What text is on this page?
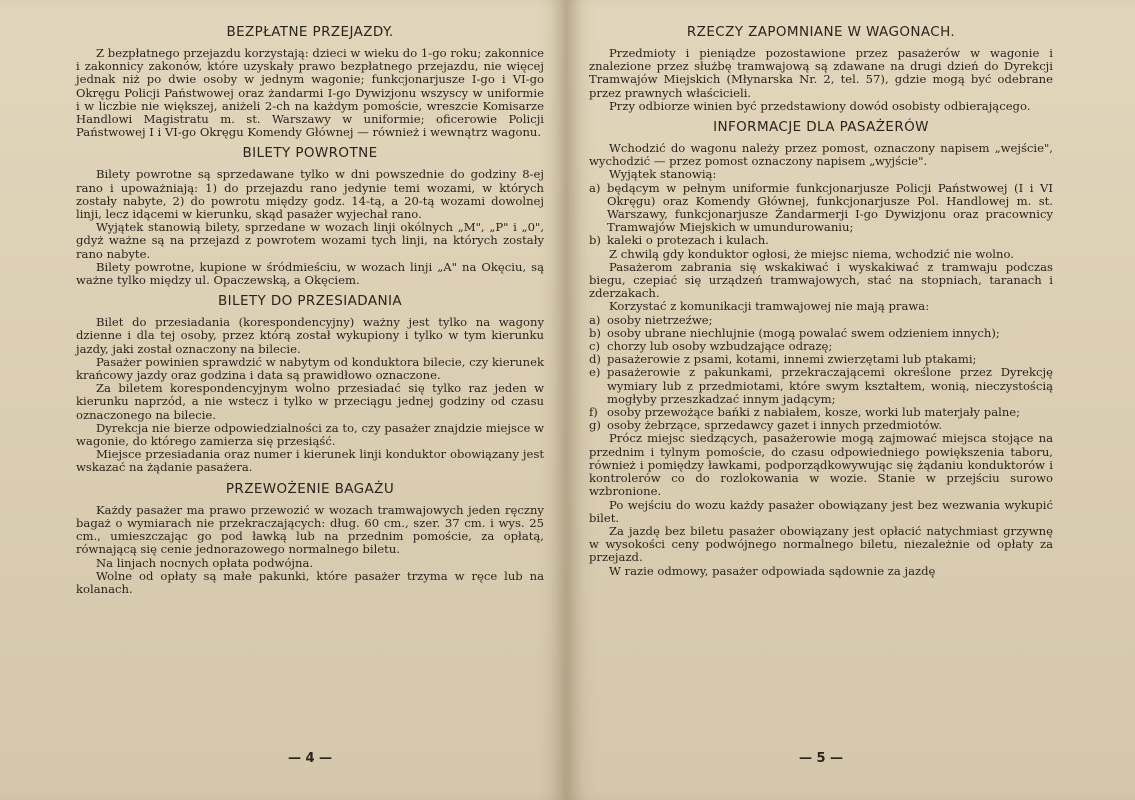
BEZPŁATNE PRZEJAZDY.

Z bezpłatnego przejazdu korzystają: dzieci w wieku do 1-go roku; zakonnice i zakonnicy zakonów, które uzyskały prawo bezpłatnego przejazdu, nie więcej jednak niż po dwie osoby w jednym wagonie; funkcjonarjusze I-go i VI-go Okręgu Policji Państwowej oraz żandarmi I-go Dywizjonu wszyscy w uniformie i w liczbie nie większej, aniżeli 2-ch na każdym pomoście, wreszcie Komisarze Handlowi Magistratu m. st. Warszawy w uniformie; oficerowie Policji Państwowej I i VI-go Okręgu Komendy Głównej — również i wewnątrz wagonu.

BILETY POWROTNE

Bilety powrotne są sprzedawane tylko w dni powszednie do godziny 8-ej rano i upoważniają: 1) do przejazdu rano jedynie temi wozami, w których zostały nabyte, 2) do powrotu między godz. 14-tą, a 20-tą wozami dowolnej linji, lecz idącemi w kierunku, skąd pasażer wyjechał rano.

Wyjątek stanowią bilety, sprzedane w wozach linji okólnych „M", „P" i „0", gdyż ważne są na przejazd z powrotem wozami tych linji, na których zostały rano nabyte.

Bilety powrotne, kupione w śródmieściu, w wozach linji „A" na Okęciu, są ważne tylko między ul. Opaczewską, a Okęciem.

BILETY DO PRZESIADANIA

Bilet do przesiadania (korespondencyjny) ważny jest tylko na wagony dzienne i dla tej osoby, przez którą został wykupiony i tylko w tym kierunku jazdy, jaki został oznaczony na bilecie.

Pasażer powinien sprawdzić w nabytym od konduktora bilecie, czy kierunek krańcowy jazdy oraz godzina i data są prawidłowo oznaczone.

Za biletem korespondencyjnym wolno przesiadać się tylko raz jeden w kierunku naprzód, a nie wstecz i tylko w przeciągu jednej godziny od czasu oznaczonego na bilecie.

Dyrekcja nie bierze odpowiedzialności za to, czy pasażer znajdzie miejsce w wagonie, do którego zamierza się przesiąść.

Miejsce przesiadania oraz numer i kierunek linji konduktor obowiązany jest wskazać na żądanie pasażera.

PRZEWOŻENIE BAGAŻU

Każdy pasażer ma prawo przewozić w wozach tramwajowych jeden ręczny bagaż o wymiarach nie przekraczających: dług. 60 cm., szer. 37 cm. i wys. 25 cm., umieszczając go pod ławką lub na przednim pomoście, za opłatą, równającą się cenie jednorazowego normalnego biletu.

Na linjach nocnych opłata podwójna.

Wolne od opłaty są małe pakunki, które pasażer trzyma w ręce lub na kolanach.

— 4 —
RZECZY ZAPOMNIANE W WAGONACH.

Przedmioty i pieniądze pozostawione przez pasażerów w wagonie i znalezione przez służbę tramwajową są zdawane na drugi dzień do Dyrekcji Tramwajów Miejskich (Młynarska Nr. 2, tel. 57), gdzie mogą być odebrane przez prawnych właścicieli.

Przy odbiorze winien być przedstawiony dowód osobisty odbierającego.

INFORMACJE DLA PASAŻERÓW

Wchodzić do wagonu należy przez pomost, oznaczony napisem „wejście", wychodzić — przez pomost oznaczony napisem „wyjście".

Wyjątek stanowią:

a) będącym w pełnym uniformie funkcjonarjusze Policji Państwowej (I i VI Okręgu) oraz Komendy Głównej, funkcjonarjusze Pol. Handlowej m. st. Warszawy, funkcjonarjusze Żandarmerji I-go Dywizjonu oraz pracownicy Tramwajów Miejskich w umundurowaniu;
b) kaleki o protezach i kulach.

Z chwilą gdy konduktor ogłosi, że miejsc niema, wchodzić nie wolno.

Pasażerom zabrania się wskakiwać i wyskakiwać z tramwaju podczas biegu, czepiać się urządzeń tramwajowych, stać na stopniach, taranach i zderzakach.

Korzystać z komunikacji tramwajowej nie mają prawa:

a) osoby nietrzeźwe;
b) osoby ubrane niechlujnie (mogą powalać swem odzieniem innych);
c) chorzy lub osoby wzbudzające odrazę;
d) pasażerowie z psami, kotami, innemi zwierzętami lub ptakami;
e) pasażerowie z pakunkami, przekraczającemi określone przez Dyrekcję wymiary lub z przedmiotami, które swym kształtem, wonią, nieczystością mogłyby przeszkadzać innym jadącym;
f) osoby przewożące bańki z nabiałem, kosze, worki lub materjały palne;
g) osoby żebrzące, sprzedawcy gazet i innych przedmiotów.

Prócz miejsc siedzących, pasażerowie mogą zajmować miejsca stojące na przednim i tylnym pomoście, do czasu odpowiedniego powiększenia taboru, również i pomiędzy ławkami, podporządkowywując się żądaniu konduktorów i kontrolerów co do rozlokowania w wozie. Stanie w przejściu surowo wzbronione.

Po wejściu do wozu każdy pasażer obowiązany jest bez wezwania wykupić bilet.

Za jazdę bez biletu pasażer obowiązany jest opłacić natychmiast grzywnę w wysokości ceny podwójnego normalnego biletu, niezależnie od opłaty za przejazd.

W razie odmowy, pasażer odpowiada sądownie za jazdę

— 5 —
